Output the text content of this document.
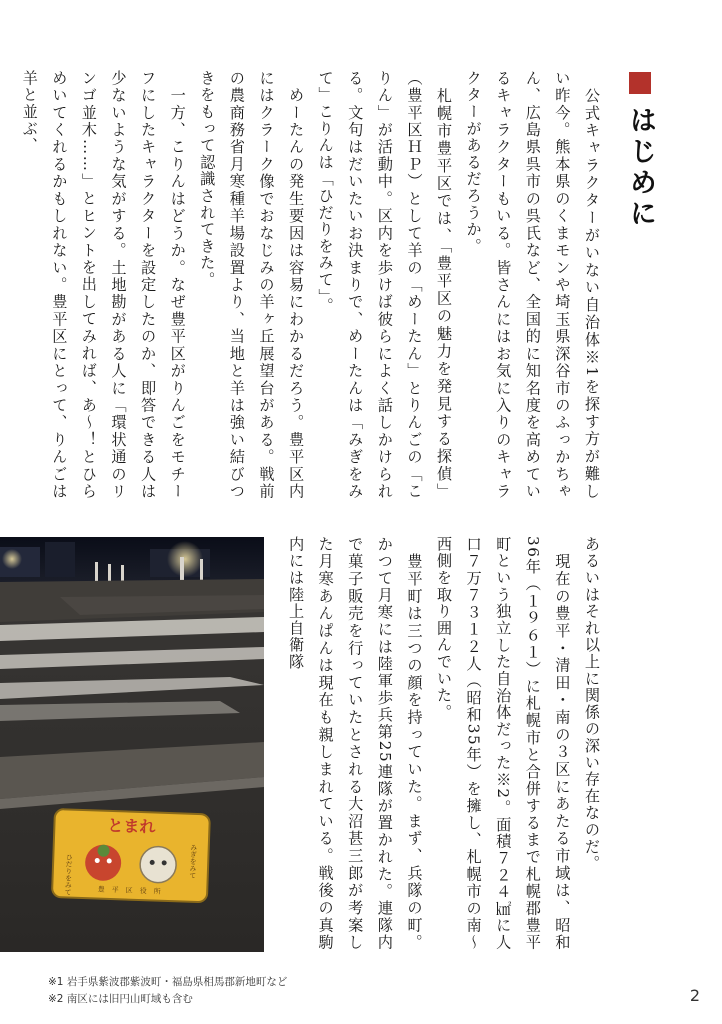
はじめに

　公式キャラクターがいない自治体※1を探す方が難しい昨今。熊本県のくまモンや埼玉県深谷市のふっかちゃん、広島県呉市の呉氏など、全国的に知名度を高めているキャラクターもいる。皆さんにはお気に入りのキャラクターがあるだろうか。

　札幌市豊平区では、「豊平区の魅力を発見する探偵」（豊平区ＨＰ）として羊の「めーたん」とりんごの「こりん」が活動中。区内を歩けば彼らによく話しかけられる。文句はだいたいお決まりで、めーたんは「みぎをみて」こりんは「ひだりをみて」。

　めーたんの発生要因は容易にわかるだろう。豊平区内にはクラーク像でおなじみの羊ヶ丘展望台がある。戦前の農商務省月寒種羊場設置より、当地と羊は強い結びつきをもって認識されてきた。

　一方、こりんはどうか。なぜ豊平区がりんごをモチーフにしたキャラクターを設定したのか、即答できる人は少ないような気がする。土地勘がある人に「環状通のリンゴ並木……」とヒントを出してみれば、あ～！とひらめいてくれるかもしれない。豊平区にとって、りんごは羊と並ぶ、

あるいはそれ以上に関係の深い存在なのだ。

　現在の豊平・清田・南の３区にあたる市域は、昭和36年（１９６１）に札幌市と合併するまで札幌郡豊平町という独立した自治体だった※2。面積７２４㎢に人口７万７３１２人（昭和35年）を擁し、札幌市の南～西側を取り囲んでいた。

　豊平町は三つの顔を持っていた。まず、兵隊の町。かつて月寒には陸軍歩兵第25連隊が置かれた。連隊内で菓子販売を行っていたとされる大沼甚三郎が考案した月寒あんぱんは現在も親しまれている。戦後の真駒内には陸上自衛隊

とまれ
ひだりをみて	みぎをみて
豊　平　区　役　所
※1 岩手県紫波郡紫波町・福島県相馬郡新地町など
※2 南区には旧円山町域も含む	2
